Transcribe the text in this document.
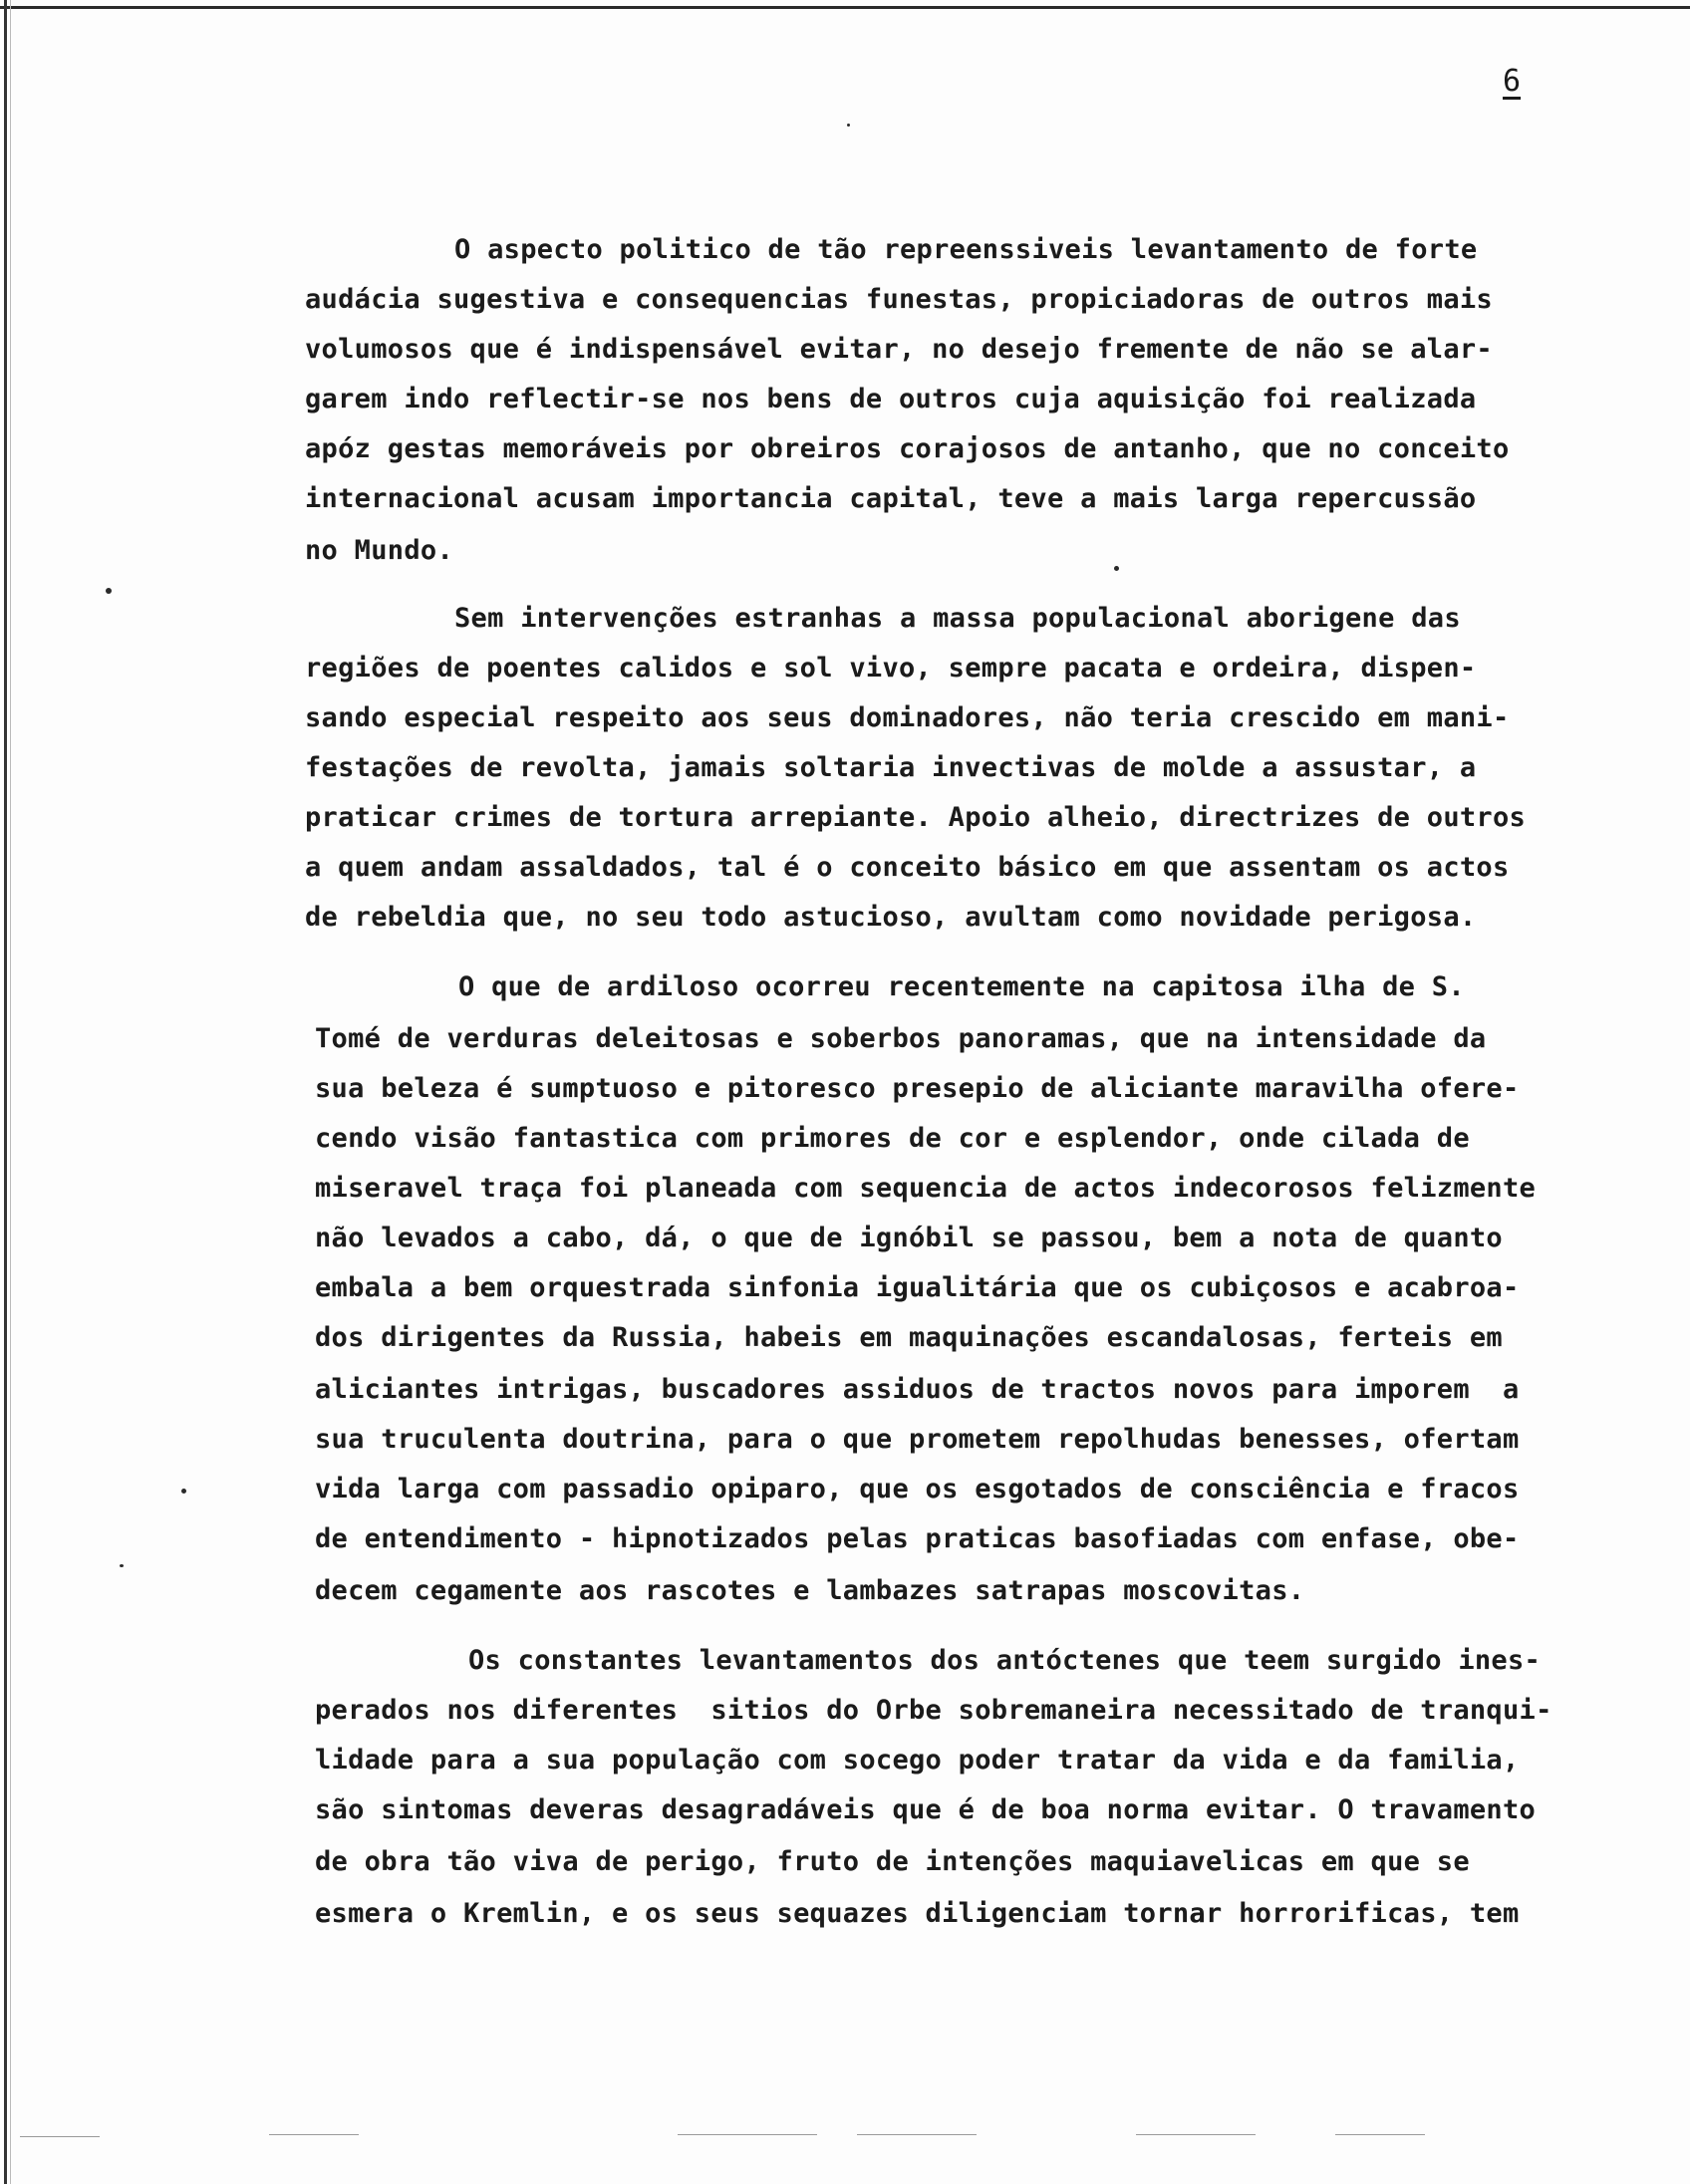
6
O aspecto politico de tão repreenssiveis levantamento de forte
audácia sugestiva e consequencias funestas, propiciadoras de outros mais
volumosos que é indispensável evitar, no desejo fremente de não se alar-
garem indo reflectir-se nos bens de outros cuja aquisição foi realizada
apóz gestas memoráveis por obreiros corajosos de antanho, que no conceito
internacional acusam importancia capital, teve a mais larga repercussão
no Mundo.
Sem intervenções estranhas a massa populacional aborigene das
regiões de poentes calidos e sol vivo, sempre pacata e ordeira, dispen-
sando especial respeito aos seus dominadores, não teria crescido em mani-
festações de revolta, jamais soltaria invectivas de molde a assustar, a
praticar crimes de tortura arrepiante. Apoio alheio, directrizes de outros
a quem andam assaldados, tal é o conceito básico em que assentam os actos
de rebeldia que, no seu todo astucioso, avultam como novidade perigosa.
O que de ardiloso ocorreu recentemente na capitosa ilha de S.
Tomé de verduras deleitosas e soberbos panoramas, que na intensidade da
sua beleza é sumptuoso e pitoresco presepio de aliciante maravilha ofere-
cendo visão fantastica com primores de cor e esplendor, onde cilada de
miseravel traça foi planeada com sequencia de actos indecorosos felizmente
não levados a cabo, dá, o que de ignóbil se passou, bem a nota de quanto
embala a bem orquestrada sinfonia igualitária que os cubiçosos e acabroa-
dos dirigentes da Russia, habeis em maquinações escandalosas, ferteis em
aliciantes intrigas, buscadores assiduos de tractos novos para imporem  a
sua truculenta doutrina, para o que prometem repolhudas benesses, ofertam
vida larga com passadio opiparo, que os esgotados de consciência e fracos
de entendimento - hipnotizados pelas praticas basofiadas com enfase, obe-
decem cegamente aos rascotes e lambazes satrapas moscovitas.
Os constantes levantamentos dos antóctenes que teem surgido ines-
perados nos diferentes  sitios do Orbe sobremaneira necessitado de tranqui-
lidade para a sua população com socego poder tratar da vida e da familia,
são sintomas deveras desagradáveis que é de boa norma evitar. O travamento
de obra tão viva de perigo, fruto de intenções maquiavelicas em que se
esmera o Kremlin, e os seus sequazes diligenciam tornar horrorificas, tem
